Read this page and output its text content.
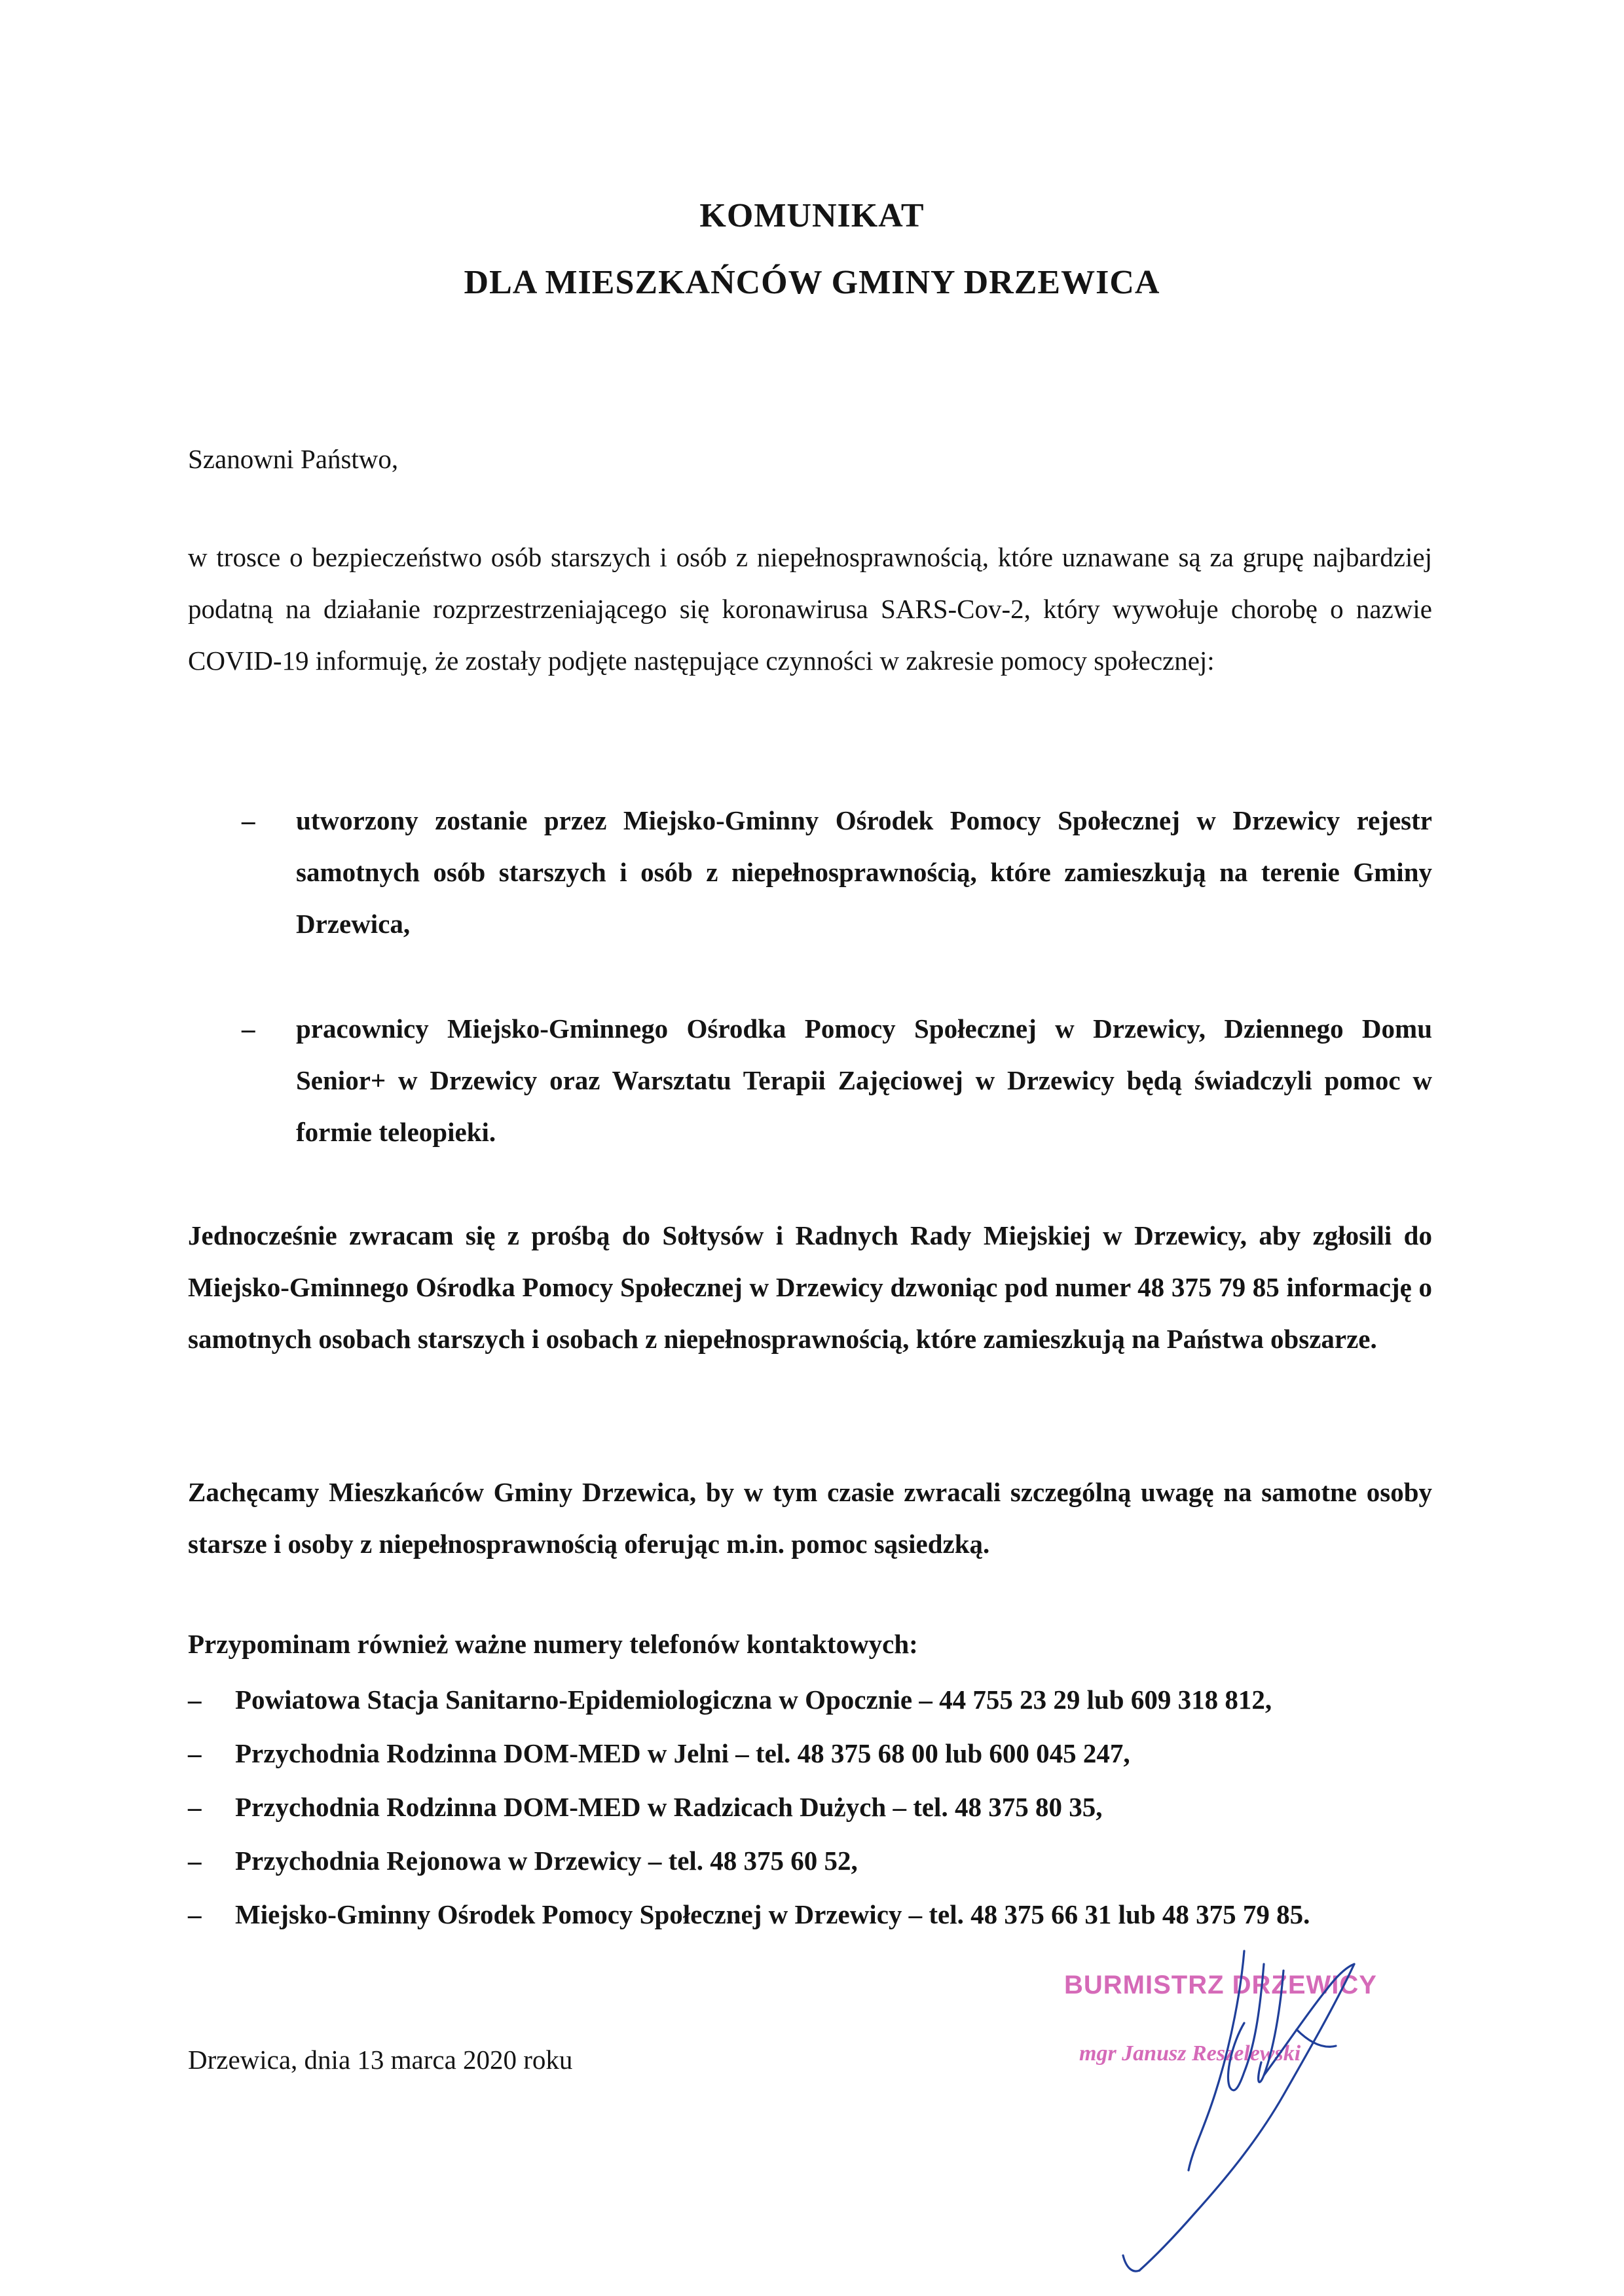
KOMUNIKAT
DLA MIESZKAŃCÓW GMINY DRZEWICA
Szanowni Państwo,
w trosce o bezpieczeństwo osób starszych i osób z niepełnosprawnością, które uznawane są za grupę najbardziej podatną na działanie rozprzestrzeniającego się koronawirusa SARS-Cov-2, który wywołuje chorobę o nazwie COVID-19 informuję, że zostały podjęte następujące czynności w zakresie pomocy społecznej:
– utworzony zostanie przez Miejsko-Gminny Ośrodek Pomocy Społecznej w Drzewicy rejestr samotnych osób starszych i osób z niepełnosprawnością, które zamieszkują na terenie Gminy Drzewica,
– pracownicy Miejsko-Gminnego Ośrodka Pomocy Społecznej w Drzewicy, Dziennego Domu Senior+ w Drzewicy oraz Warsztatu Terapii Zajęciowej w Drzewicy będą świadczyli pomoc w formie teleopieki.
Jednocześnie zwracam się z prośbą do Sołtysów i Radnych Rady Miejskiej w Drzewicy, aby zgłosili do Miejsko-Gminnego Ośrodka Pomocy Społecznej w Drzewicy dzwoniąc pod numer 48 375 79 85 informację o samotnych osobach starszych i osobach z niepełnosprawnością, które zamieszkują na Państwa obszarze.
Zachęcamy Mieszkańców Gminy Drzewica, by w tym czasie zwracali szczególną uwagę na samotne osoby starsze i osoby z niepełnosprawnością oferując m.in. pomoc sąsiedzką.
Przypominam również ważne numery telefonów kontaktowych:
– Powiatowa Stacja Sanitarno-Epidemiologiczna w Opocznie – 44 755 23 29 lub 609 318 812,
– Przychodnia Rodzinna DOM-MED w Jelni – tel. 48 375 68 00 lub 600 045 247,
– Przychodnia Rodzinna DOM-MED w Radzicach Dużych – tel. 48 375 80 35,
– Przychodnia Rejonowa w Drzewicy – tel. 48 375 60 52,
– Miejsko-Gminny Ośrodek Pomocy Społecznej w Drzewicy – tel. 48 375 66 31 lub 48 375 79 85.
Drzewica, dnia 13 marca 2020 roku
BURMISTRZ DRZEWICY
mgr Janusz Reszelewski
